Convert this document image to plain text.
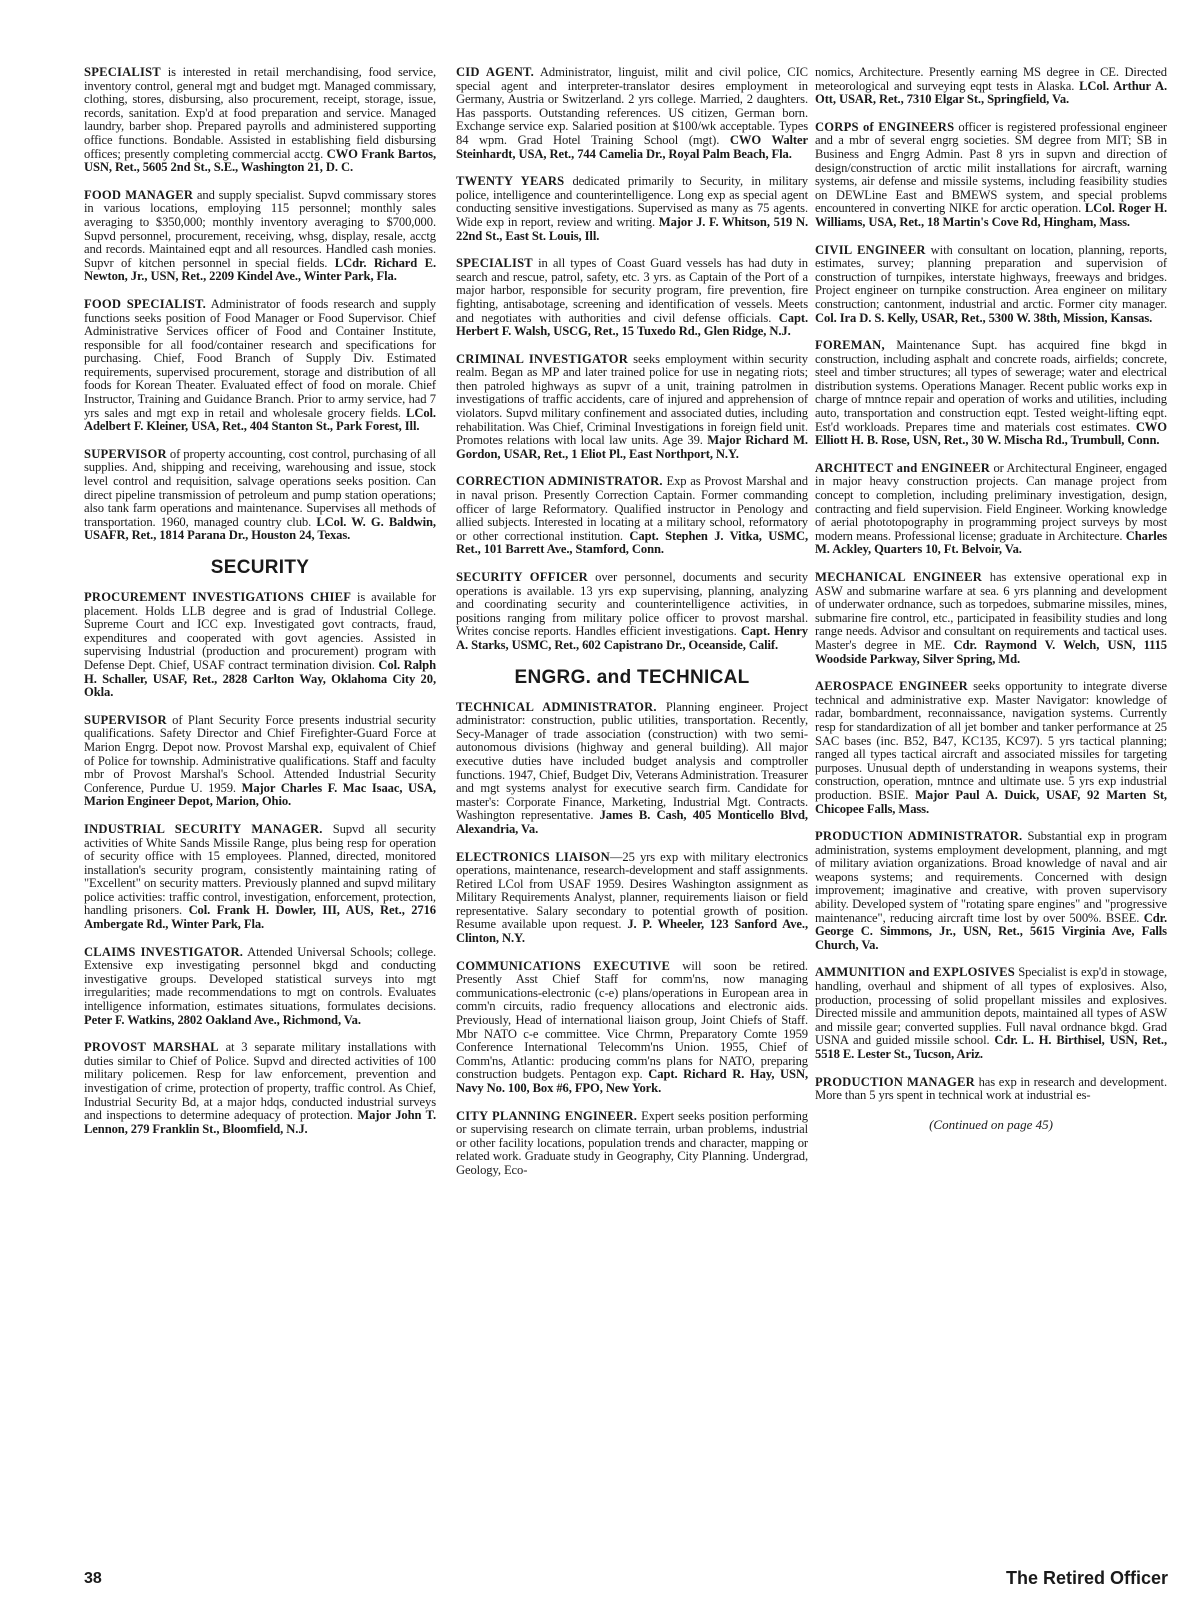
SPECIALIST is interested in retail merchandising, food service, inventory control, general mgt and budget mgt. Managed commissary, clothing, stores, disbursing, also procurement, receipt, storage, issue, records, sanitation. Exp'd at food preparation and service. Managed laundry, barber shop. Prepared payrolls and administered supporting office functions. Bondable. Assisted in establishing field disbursing offices; presently completing commercial acctg. CWO Frank Bartos, USN, Ret., 5605 2nd St., S.E., Washington 21, D. C.

FOOD MANAGER and supply specialist. Supvd commissary stores in various locations, employing 115 personnel; monthly sales averaging to $350,000; monthly inventory averaging to $700,000. Supvd personnel, procurement, receiving, whsg, display, resale, acctg and records. Maintained eqpt and all resources. Handled cash monies. Supvr of kitchen personnel in special fields. LCdr. Richard E. Newton, Jr., USN, Ret., 2209 Kindel Ave., Winter Park, Fla.

FOOD SPECIALIST. Administrator of foods research and supply functions seeks position of Food Manager or Food Supervisor. Chief Administrative Services officer of Food and Container Institute, responsible for all food/container research and specifications for purchasing. Chief, Food Branch of Supply Div. Estimated requirements, supervised procurement, storage and distribution of all foods for Korean Theater. Evaluated effect of food on morale. Chief Instructor, Training and Guidance Branch. Prior to army service, had 7 yrs sales and mgt exp in retail and wholesale grocery fields. LCol. Adelbert F. Kleiner, USA, Ret., 404 Stanton St., Park Forest, Ill.

SUPERVISOR of property accounting, cost control, purchasing of all supplies. And, shipping and receiving, warehousing and issue, stock level control and requisition, salvage operations seeks position. Can direct pipeline transmission of petroleum and pump station operations; also tank farm operations and maintenance. Supervises all methods of transportation. 1960, managed country club. LCol. W. G. Baldwin, USAFR, Ret., 1814 Parana Dr., Houston 24, Texas.

SECURITY

PROCUREMENT INVESTIGATIONS CHIEF is available for placement. Holds LLB degree and is grad of Industrial College. Supreme Court and ICC exp. Investigated govt contracts, fraud, expenditures and cooperated with govt agencies. Assisted in supervising Industrial (production and procurement) program with Defense Dept. Chief, USAF contract termination division. Col. Ralph H. Schaller, USAF, Ret., 2828 Carlton Way, Oklahoma City 20, Okla.

SUPERVISOR of Plant Security Force presents industrial security qualifications. Safety Director and Chief Firefighter-Guard Force at Marion Engrg. Depot now. Provost Marshal exp, equivalent of Chief of Police for township. Administrative qualifications. Staff and faculty mbr of Provost Marshal's School. Attended Industrial Security Conference, Purdue U. 1959. Major Charles F. Mac Isaac, USA, Marion Engineer Depot, Marion, Ohio.

INDUSTRIAL SECURITY MANAGER. Supvd all security activities of White Sands Missile Range, plus being resp for operation of security office with 15 employees. Planned, directed, monitored installation's security program, consistently maintaining rating of "Excellent" on security matters. Previously planned and supvd military police activities: traffic control, investigation, enforcement, protection, handling prisoners. Col. Frank H. Dowler, III, AUS, Ret., 2716 Ambergate Rd., Winter Park, Fla.

CLAIMS INVESTIGATOR. Attended Universal Schools; college. Extensive exp investigating personnel bkgd and conducting investigative groups. Developed statistical surveys into mgt irregularities; made recommendations to mgt on controls. Evaluates intelligence information, estimates situations, formulates decisions. Peter F. Watkins, 2802 Oakland Ave., Richmond, Va.

PROVOST MARSHAL at 3 separate military installations with duties similar to Chief of Police. Supvd and directed activities of 100 military policemen. Resp for law enforcement, prevention and investigation of crime, protection of property, traffic control. As Chief, Industrial Security Bd, at a major hdqs, conducted industrial surveys and inspections to determine adequacy of protection. Major John T. Lennon, 279 Franklin St., Bloomfield, N.J.

CID AGENT. Administrator, linguist, milit and civil police, CIC special agent and interpreter-translator desires employment in Germany, Austria or Switzerland. 2 yrs college. Married, 2 daughters. Has passports. Outstanding references. US citizen, German born. Exchange service exp. Salaried position at $100/wk acceptable. Types 84 wpm. Grad Hotel Training School (mgt). CWO Walter Steinhardt, USA, Ret., 744 Camelia Dr., Royal Palm Beach, Fla.

TWENTY YEARS dedicated primarily to Security, in military police, intelligence and counterintelligence. Long exp as special agent conducting sensitive investigations. Supervised as many as 75 agents. Wide exp in report, review and writing. Major J. F. Whitson, 519 N. 22nd St., East St. Louis, Ill.

SPECIALIST in all types of Coast Guard vessels has had duty in search and rescue, patrol, safety, etc. 3 yrs. as Captain of the Port of a major harbor, responsible for security program, fire prevention, fire fighting, antisabotage, screening and identification of vessels. Meets and negotiates with authorities and civil defense officials. Capt. Herbert F. Walsh, USCG, Ret., 15 Tuxedo Rd., Glen Ridge, N.J.

CRIMINAL INVESTIGATOR seeks employment within security realm. Began as MP and later trained police for use in negating riots; then patroled highways as supvr of a unit, training patrolmen in investigations of traffic accidents, care of injured and apprehension of violators. Supvd military confinement and associated duties, including rehabilitation. Was Chief, Criminal Investigations in foreign field unit. Promotes relations with local law units. Age 39. Major Richard M. Gordon, USAR, Ret., 1 Eliot Pl., East Northport, N.Y.

CORRECTION ADMINISTRATOR. Exp as Provost Marshal and in naval prison. Presently Correction Captain. Former commanding officer of large Reformatory. Qualified instructor in Penology and allied subjects. Interested in locating at a military school, reformatory or other correctional institution. Capt. Stephen J. Vitka, USMC, Ret., 101 Barrett Ave., Stamford, Conn.

SECURITY OFFICER over personnel, documents and security operations is available. 13 yrs exp supervising, planning, analyzing and coordinating security and counterintelligence activities, in positions ranging from military police officer to provost marshal. Writes concise reports. Handles efficient investigations. Capt. Henry A. Starks, USMC, Ret., 602 Capistrano Dr., Oceanside, Calif.

ENGRG. and TECHNICAL

TECHNICAL ADMINISTRATOR. Planning engineer. Project administrator: construction, public utilities, transportation. Recently, Secy-Manager of trade association (construction) with two semi-autonomous divisions (highway and general building). All major executive duties have included budget analysis and comptroller functions. 1947, Chief, Budget Div, Veterans Administration. Treasurer and mgt systems analyst for executive search firm. Candidate for master's: Corporate Finance, Marketing, Industrial Mgt. Contracts. Washington representative. James B. Cash, 405 Monticello Blvd, Alexandria, Va.

ELECTRONICS LIAISON—25 yrs exp with military electronics operations, maintenance, research-development and staff assignments. Retired LCol from USAF 1959. Desires Washington assignment as Military Requirements Analyst, planner, requirements liaison or field representative. Salary secondary to potential growth of position. Resume available upon request. J. P. Wheeler, 123 Sanford Ave., Clinton, N.Y.

COMMUNICATIONS EXECUTIVE will soon be retired. Presently Asst Chief Staff for comm'ns, now managing communications-electronic (c-e) plans/operations in European area in comm'n circuits, radio frequency allocations and electronic aids. Previously, Head of international liaison group, Joint Chiefs of Staff. Mbr NATO c-e committee. Vice Chrmn, Preparatory Comte 1959 Conference International Telecomm'ns Union. 1955, Chief of Comm'ns, Atlantic: producing comm'ns plans for NATO, preparing construction budgets. Pentagon exp. Capt. Richard R. Hay, USN, Navy No. 100, Box #6, FPO, New York.

CITY PLANNING ENGINEER. Expert seeks position performing or supervising research on climate terrain, urban problems, industrial or other facility locations, population trends and character, mapping or related work. Graduate study in Geography, City Planning. Undergrad, Geology, Eco-

nomics, Architecture. Presently earning MS degree in CE. Directed meteorological and surveying eqpt tests in Alaska. LCol. Arthur A. Ott, USAR, Ret., 7310 Elgar St., Springfield, Va.

CORPS of ENGINEERS officer is registered professional engineer and a mbr of several engrg societies. SM degree from MIT; SB in Business and Engrg Admin. Past 8 yrs in supvn and direction of design/construction of arctic milit installations for aircraft, warning systems, air defense and missile systems, including feasibility studies on DEWLine East and BMEWS system, and special problems encountered in converting NIKE for arctic operation. LCol. Roger H. Williams, USA, Ret., 18 Martin's Cove Rd, Hingham, Mass.

CIVIL ENGINEER with consultant on location, planning, reports, estimates, survey; planning preparation and supervision of construction of turnpikes, interstate highways, freeways and bridges. Project engineer on turnpike construction. Area engineer on military construction; cantonment, industrial and arctic. Former city manager. Col. Ira D. S. Kelly, USAR, Ret., 5300 W. 38th, Mission, Kansas.

FOREMAN, Maintenance Supt. has acquired fine bkgd in construction, including asphalt and concrete roads, airfields; concrete, steel and timber structures; all types of sewerage; water and electrical distribution systems. Operations Manager. Recent public works exp in charge of mntnce repair and operation of works and utilities, including auto, transportation and construction eqpt. Tested weight-lifting eqpt. Est'd workloads. Prepares time and materials cost estimates. CWO Elliott H. B. Rose, USN, Ret., 30 W. Mischa Rd., Trumbull, Conn.

ARCHITECT and ENGINEER or Architectural Engineer, engaged in major heavy construction projects. Can manage project from concept to completion, including preliminary investigation, design, contracting and field supervision. Field Engineer. Working knowledge of aerial phototopography in programming project surveys by most modern means. Professional license; graduate in Architecture. Charles M. Ackley, Quarters 10, Ft. Belvoir, Va.

MECHANICAL ENGINEER has extensive operational exp in ASW and submarine warfare at sea. 6 yrs planning and development of underwater ordnance, such as torpedoes, submarine missiles, mines, submarine fire control, etc., participated in feasibility studies and long range needs. Advisor and consultant on requirements and tactical uses. Master's degree in ME. Cdr. Raymond V. Welch, USN, 1115 Woodside Parkway, Silver Spring, Md.

AEROSPACE ENGINEER seeks opportunity to integrate diverse technical and administrative exp. Master Navigator: knowledge of radar, bombardment, reconnaissance, navigation systems. Currently resp for standardization of all jet bomber and tanker performance at 25 SAC bases (inc. B52, B47, KC135, KC97). 5 yrs tactical planning; ranged all types tactical aircraft and associated missiles for targeting purposes. Unusual depth of understanding in weapons systems, their construction, operation, mntnce and ultimate use. 5 yrs exp industrial production. BSIE. Major Paul A. Duick, USAF, 92 Marten St, Chicopee Falls, Mass.

PRODUCTION ADMINISTRATOR. Substantial exp in program administration, systems employment development, planning, and mgt of military aviation organizations. Broad knowledge of naval and air weapons systems; and requirements. Concerned with design improvement; imaginative and creative, with proven supervisory ability. Developed system of "rotating spare engines" and "progressive maintenance", reducing aircraft time lost by over 500%. BSEE. Cdr. George C. Simmons, Jr., USN, Ret., 5615 Virginia Ave, Falls Church, Va.

AMMUNITION and EXPLOSIVES Specialist is exp'd in stowage, handling, overhaul and shipment of all types of explosives. Also, production, processing of solid propellant missiles and explosives. Directed missile and ammunition depots, maintained all types of ASW and missile gear; converted supplies. Full naval ordnance bkgd. Grad USNA and guided missile school. Cdr. L. H. Birthisel, USN, Ret., 5518 E. Lester St., Tucson, Ariz.

PRODUCTION MANAGER has exp in research and development. More than 5 yrs spent in technical work at industrial es-

(Continued on page 45)
38	The Retired Officer
